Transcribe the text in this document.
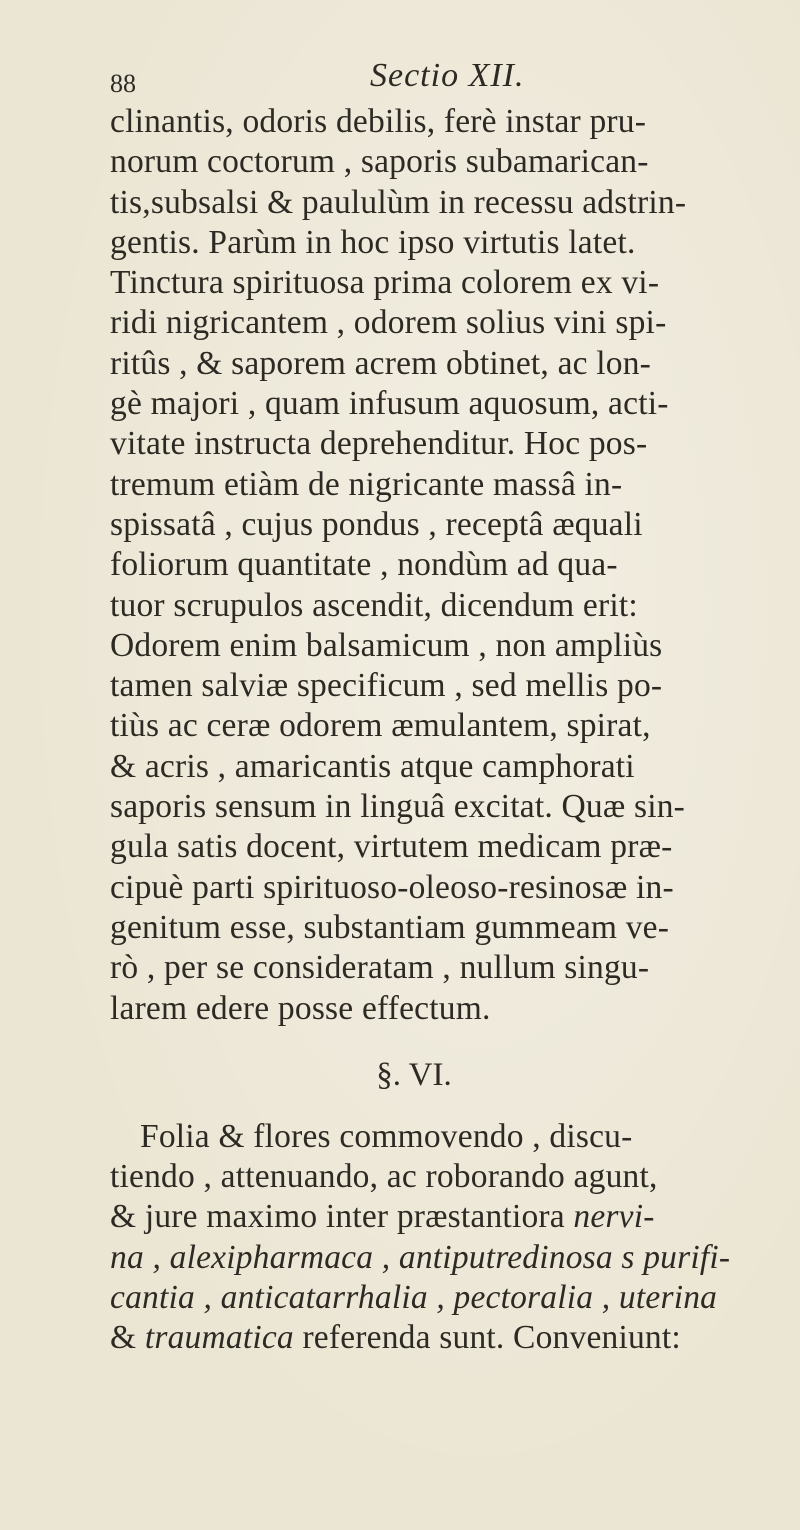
88	Sectio XII.
clinantis, odoris debilis, ferè instar pru-
norum coctorum , saporis subamarican-
tis,subsalsi & paululùm in recessu adstrin-
gentis. Parùm in hoc ipso virtutis latet.
Tinctura spirituosa prima colorem ex vi-
ridi nigricantem , odorem solius vini spi-
ritûs , & saporem acrem obtinet, ac lon-
gè majori , quam infusum aquosum, acti-
vitate instructa deprehenditur. Hoc pos-
tremum etiàm de nigricante massâ in-
spissatâ , cujus pondus , receptâ æquali
foliorum quantitate , nondùm ad qua-
tuor scrupulos ascendit, dicendum erit:
Odorem enim balsamicum , non ampliùs
tamen salviæ specificum , sed mellis po-
tiùs ac ceræ odorem æmulantem, spirat,
& acris , amaricantis atque camphorati
saporis sensum in linguâ excitat. Quæ sin-
gula satis docent, virtutem medicam præ-
cipuè parti spirituoso-oleoso-resinosæ in-
genitum esse, substantiam gummeam ve-
rò , per se consideratam , nullum singu-
larem edere posse effectum.
§. VI.
Folia & flores commovendo , discu-
tiendo , attenuando, ac roborando agunt,
& jure maximo inter præstantiora nervi-
na , alexipharmaca , antiputredinosa s purifi-
cantia , anticatarrhalia , pectoralia , uterina
& traumatica referenda sunt. Conveniunt:
